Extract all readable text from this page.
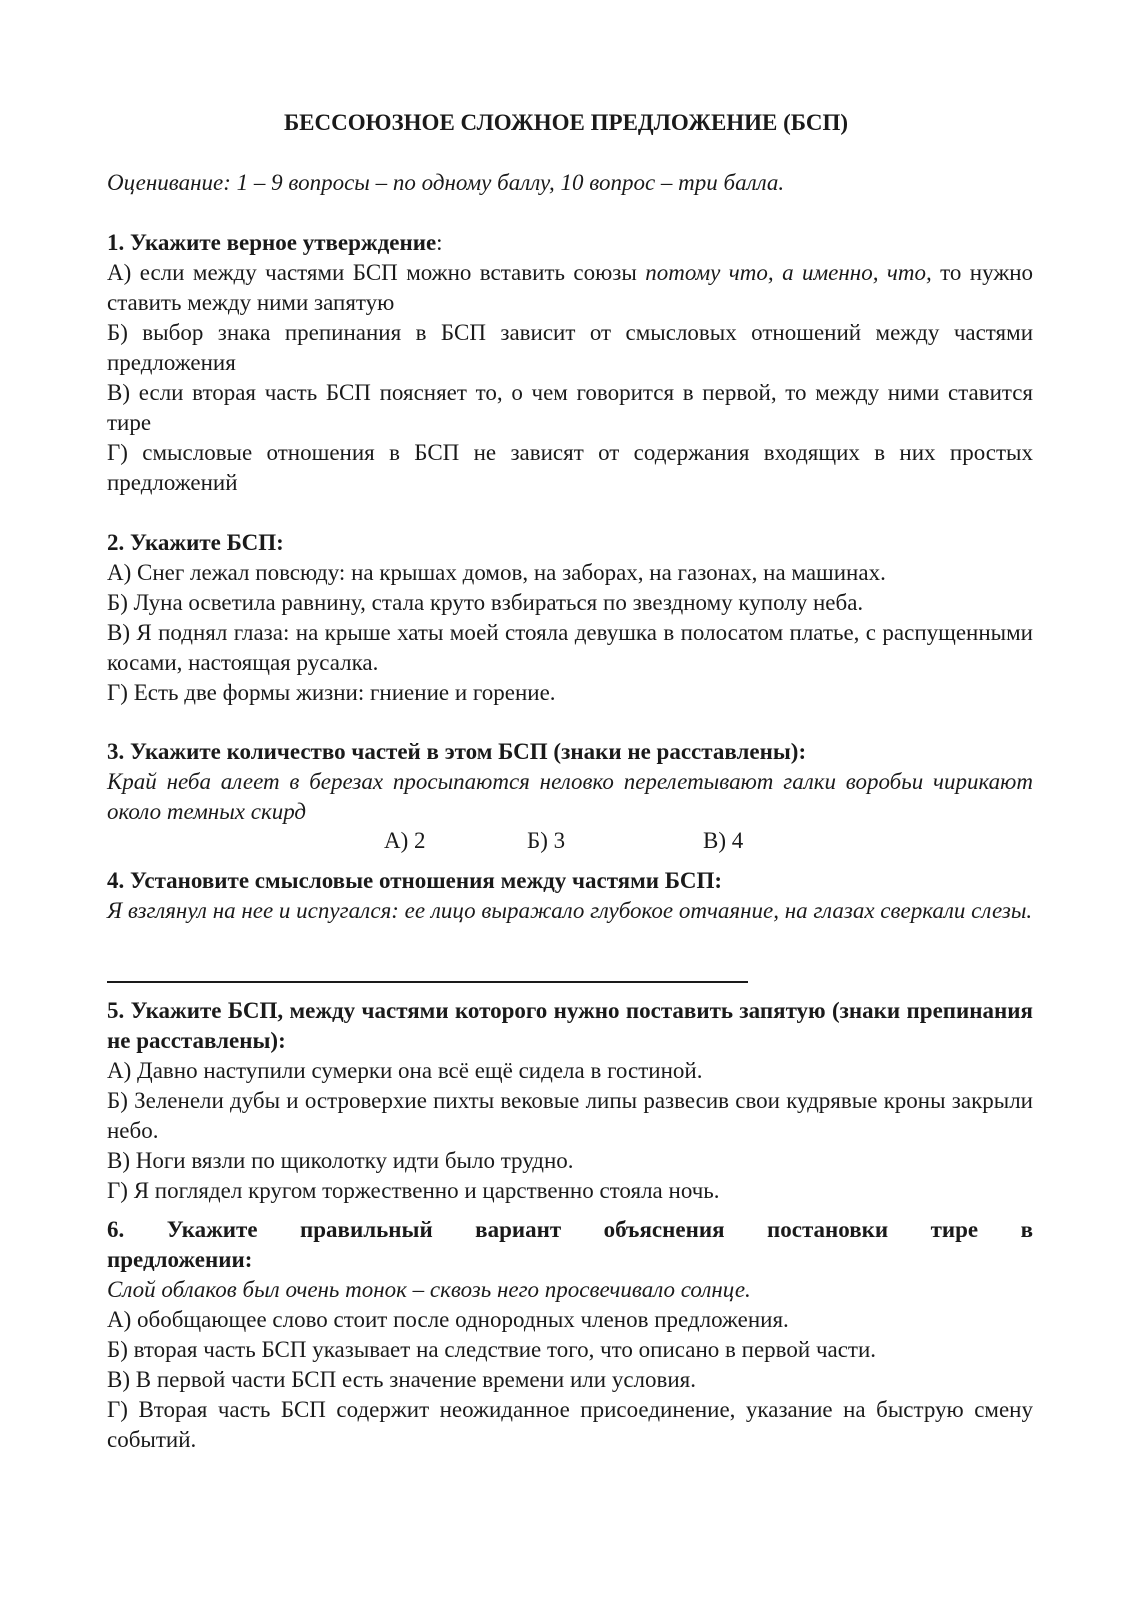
БЕССОЮЗНОЕ СЛОЖНОЕ ПРЕДЛОЖЕНИЕ (БСП)
Оценивание: 1 – 9 вопросы – по одному баллу, 10 вопрос – три балла.
1. Укажите верное утверждение:
А) если между частями БСП можно вставить союзы потому что, а именно, что, то нужно ставить между ними запятую
Б) выбор знака препинания в БСП зависит от смысловых отношений между частями предложения
В) если вторая часть БСП поясняет то, о чем говорится в первой, то между ними ставится тире
Г) смысловые отношения в БСП не зависят от содержания входящих в них простых предложений
2. Укажите БСП:
А) Снег лежал повсюду: на крышах домов, на заборах, на газонах, на машинах.
Б) Луна осветила равнину, стала круто взбираться по звездному куполу неба.
В) Я поднял глаза: на крыше хаты моей стояла девушка в полосатом платье, с распущенными косами, настоящая русалка.
Г) Есть две формы жизни: гниение и горение.
3. Укажите количество частей в этом БСП (знаки не расставлены):
Край неба алеет в березах просыпаются неловко перелетывают галки воробьи чирикают около темных скирд
А) 2	Б) 3	В) 4
4. Установите смысловые отношения между частями БСП:
Я взглянул на нее и испугался: ее лицо выражало глубокое отчаяние, на глазах сверкали слезы.
5. Укажите БСП, между частями которого нужно поставить запятую (знаки препинания не расставлены):
А) Давно наступили сумерки она всё ещё сидела в гостиной.
Б) Зеленели дубы и островерхие пихты вековые липы развесив свои кудрявые кроны закрыли небо.
В) Ноги вязли по щиколотку идти было трудно.
Г) Я поглядел кругом торжественно и царственно стояла ночь.
6. Укажите правильный вариант объяснения постановки тире в
предложении:
Слой облаков был очень тонок – сквозь него просвечивало солнце.
А) обобщающее слово стоит после однородных членов предложения.
Б) вторая часть БСП указывает на следствие того, что описано в первой части.
В) В первой части БСП есть значение времени или условия.
Г) Вторая часть БСП содержит неожиданное присоединение, указание на быструю смену событий.
